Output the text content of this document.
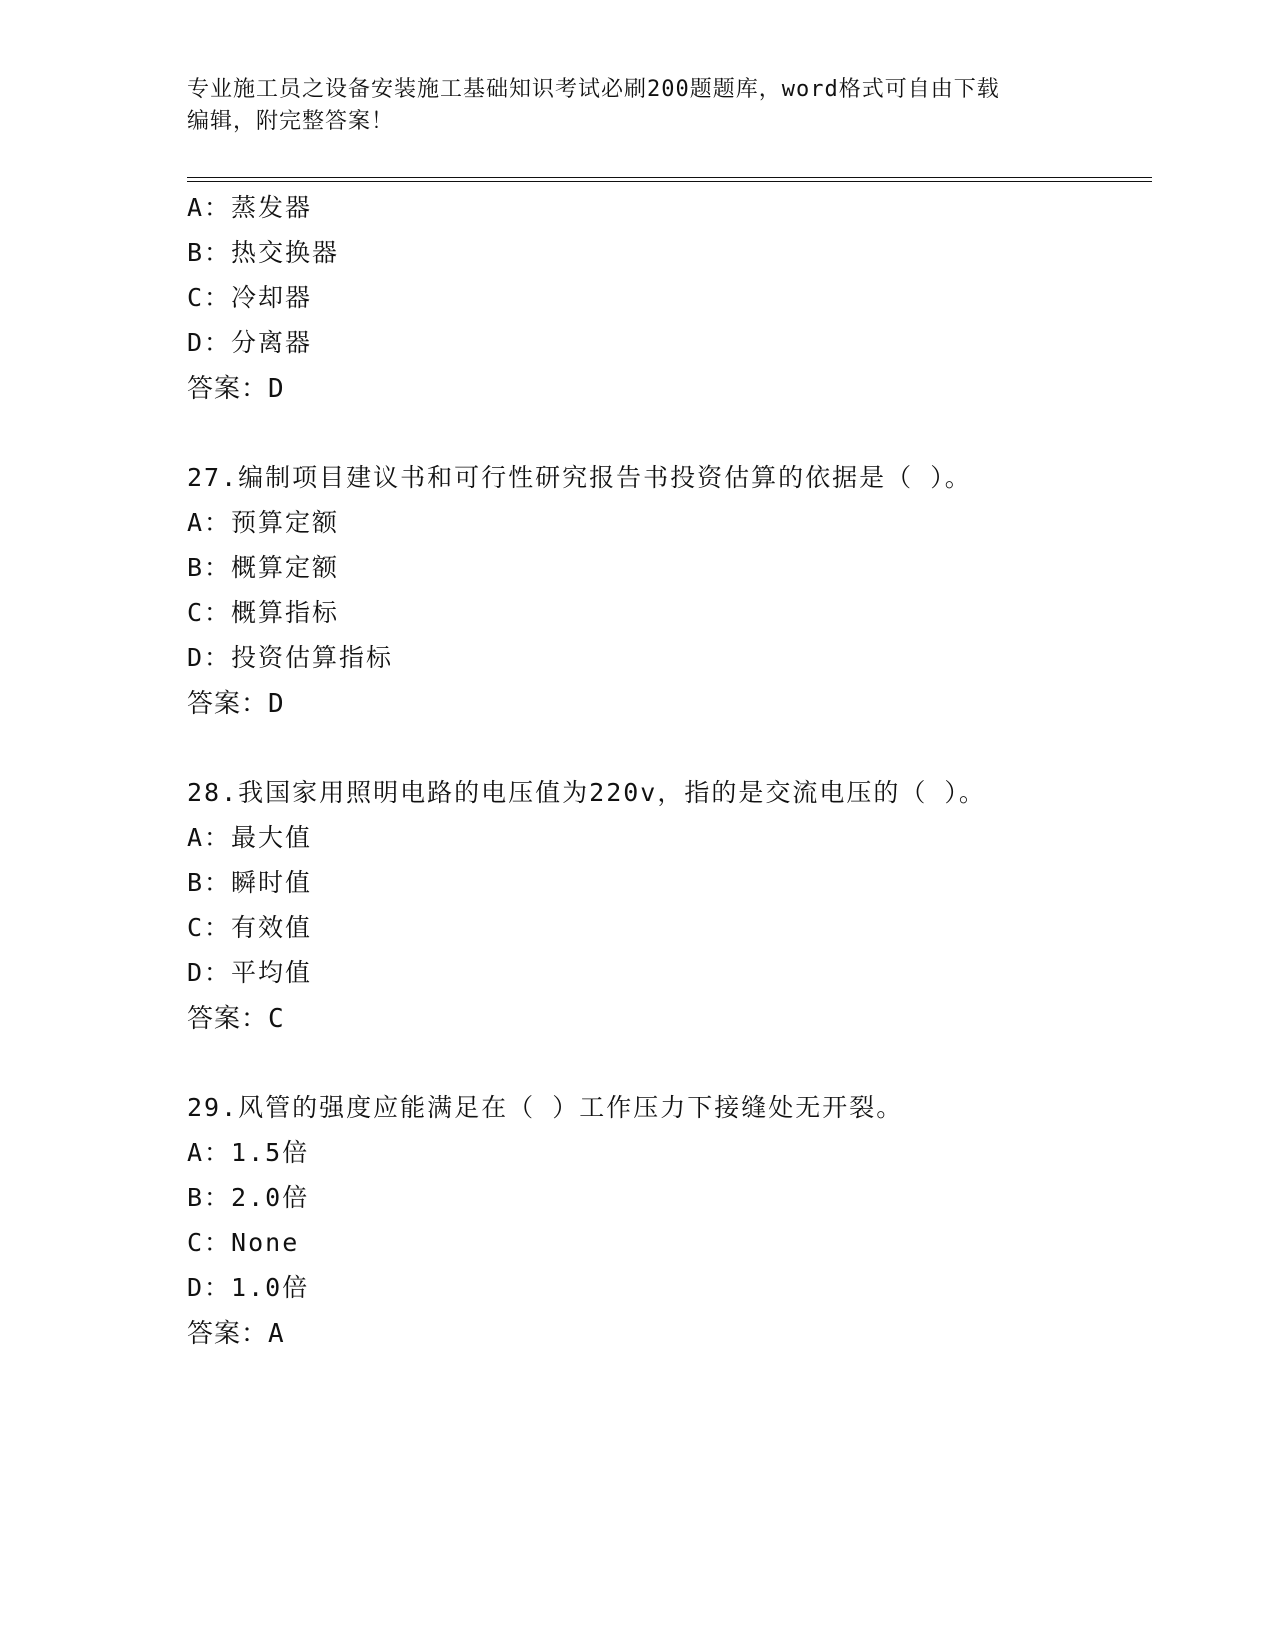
专业施工员之设备安装施工基础知识考试必刷200题题库，word格式可自由下载
编辑，附完整答案！
A：蒸发器
B：热交换器
C：冷却器
D：分离器
答案：D
27.编制项目建议书和可行性研究报告书投资估算的依据是（ ）。
A：预算定额
B：概算定额
C：概算指标
D：投资估算指标
答案：D
28.我国家用照明电路的电压值为220v，指的是交流电压的（ ）。
A：最大值
B：瞬时值
C：有效值
D：平均值
答案：C
29.风管的强度应能满足在（ ）工作压力下接缝处无开裂。
A：1.5倍
B：2.0倍
C：None
D：1.0倍
答案：A
